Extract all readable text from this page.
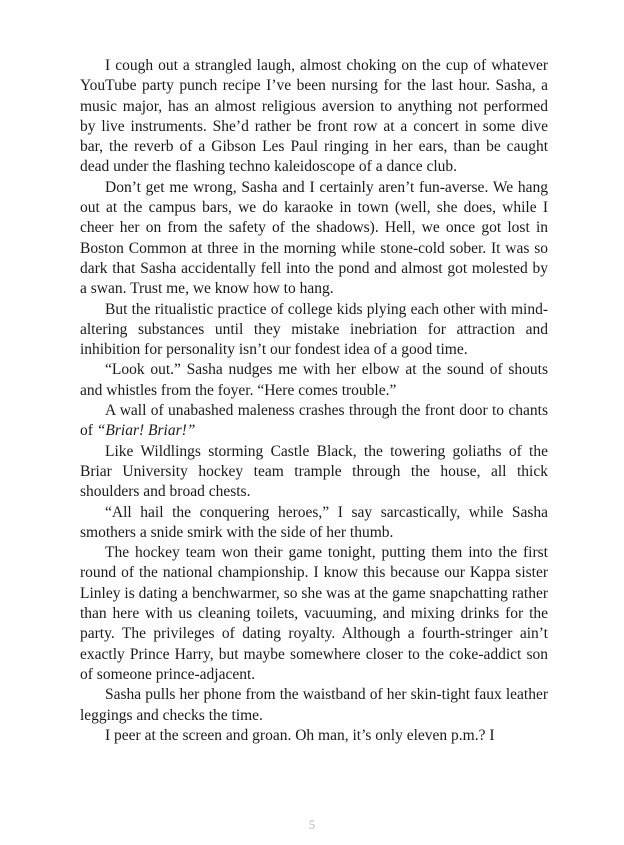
I cough out a strangled laugh, almost choking on the cup of whatever YouTube party punch recipe I’ve been nursing for the last hour. Sasha, a music major, has an almost religious aversion to anything not performed by live instruments. She’d rather be front row at a concert in some dive bar, the reverb of a Gibson Les Paul ringing in her ears, than be caught dead under the flashing techno kaleidoscope of a dance club.

Don’t get me wrong, Sasha and I certainly aren’t fun-averse. We hang out at the campus bars, we do karaoke in town (well, she does, while I cheer her on from the safety of the shadows). Hell, we once got lost in Boston Common at three in the morning while stone-cold sober. It was so dark that Sasha accidentally fell into the pond and almost got molested by a swan. Trust me, we know how to hang.

But the ritualistic practice of college kids plying each other with mind-altering substances until they mistake inebriation for attraction and inhibition for personality isn’t our fondest idea of a good time.

“Look out.” Sasha nudges me with her elbow at the sound of shouts and whistles from the foyer. “Here comes trouble.”

A wall of unabashed maleness crashes through the front door to chants of “Briar! Briar!”

Like Wildlings storming Castle Black, the towering goliaths of the Briar University hockey team trample through the house, all thick shoulders and broad chests.

“All hail the conquering heroes,” I say sarcastically, while Sasha smothers a snide smirk with the side of her thumb.

The hockey team won their game tonight, putting them into the first round of the national championship. I know this because our Kappa sister Linley is dating a benchwarmer, so she was at the game snapchatting rather than here with us cleaning toilets, vacuuming, and mixing drinks for the party. The privileges of dating royalty. Although a fourth-stringer ain’t exactly Prince Harry, but maybe somewhere closer to the coke-addict son of someone prince-adjacent.

Sasha pulls her phone from the waistband of her skin-tight faux leather leggings and checks the time.

I peer at the screen and groan. Oh man, it’s only eleven p.m.? I

5
